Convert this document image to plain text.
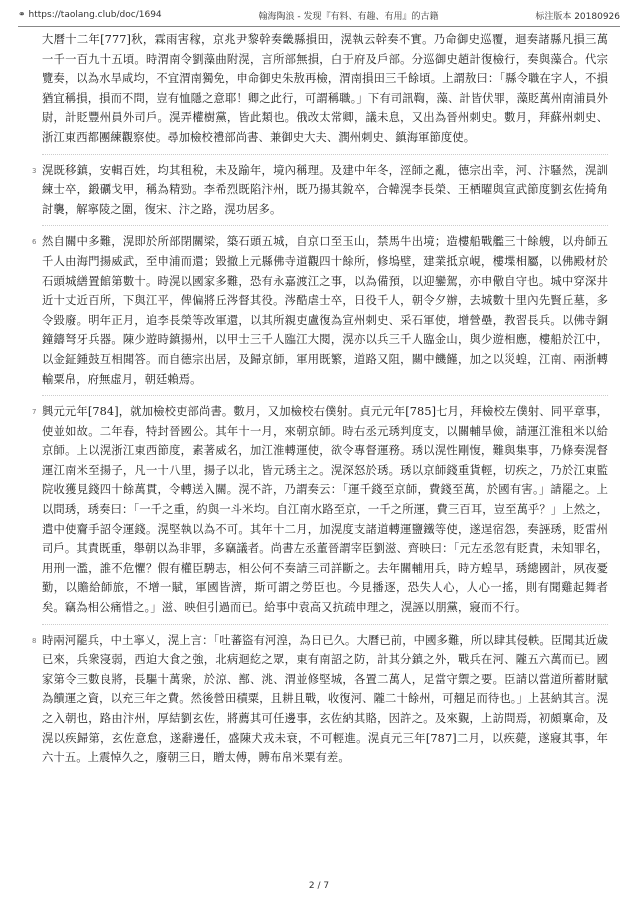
⚭ https://taolang.club/doc/1694	翰海陶浪 - 发现『有料、有趣、有用』的古籍	标注版本 20180926

大曆十二年[777]秋，霖雨害稼，京兆尹黎幹奏畿縣損田，滉執云幹奏不實。乃命御史巡覆，迴奏諸縣凡損三萬一千一百九十五頃。時渭南令劉藻曲附滉，言所部無損，白于府及戶部。分巡御史趙計復檢行，奏與藻合。代宗覽奏，以為水旱咸均，不宜渭南獨免，申命御史朱敖再檢，渭南損田三千餘頃。上謂敖曰：「縣令職在字人，不損猶宜稱損，損而不問，豈有恤隱之意耶！卿之此行，可謂稱職。」下有司訊鞫，藻、計皆伏罪，藻貶萬州南浦員外尉，計貶豐州員外司戶。滉弄權樹黨，皆此類也。俄改太常卿，議未息，又出為晉州刺史。數月，拜蘇州刺史、浙江東西都團練觀察使。尋加檢校禮部尚書、兼御史大夫、潤州刺史、鎮海軍節度使。

3 滉既移鎮，安輯百姓，均其租稅，未及踰年，境內稱理。及建中年冬，涇師之亂，德宗出幸，河、汴騷然，滉訓練士卒，鍛礪戈甲，稱為精勁。李希烈既陷汴州，既乃揚其銳卒，合韓滉李長榮、王栖曜與宣武節度劉玄佐掎角討襲，解寧陵之圍，復宋、汴之路，滉功居多。

6 然自關中多難，滉即於所部閉關梁，築石頭五城，自京口至玉山，禁馬牛出境；造樓船戰艦三十餘艘，以舟師五千人由海門揚威武，至申浦而還；毀撤上元縣佛寺道觀四十餘所，修塢壁，建業抵京峴，樓堞相屬，以佛殿材於石頭城繕置館第數十。時滉以國家多難，恐有永嘉渡江之事，以為備預，以迎鑾駕，亦申儆自守也。城中穿深井近十丈近百所，下與江平，俾偏將丘涔督其役。涔酷虐士卒，日役千人，朝令夕辦，去城數十里內先賢丘墓，多令毀廢。明年正月，追李長榮等改軍還，以其所親吏盧復為宣州刺史、采石軍使，增營壘，教習長兵。以佛寺銅鐘鑄弩牙兵器。陳少遊時鎮揚州，以甲士三千人臨江大閱，滉亦以兵三千人臨金山，與少遊相應，樓船於江中，以金鉦鍾鼓互相聞答。而自德宗出居，及歸京師，軍用既繁，道路又阻，關中饑饉，加之以災蝗，江南、兩浙轉輸粟帛，府無虛月，朝廷賴焉。

7 興元元年[784]，就加檢校吏部尚書。數月，又加檢校右僕射。貞元元年[785]七月，拜檢校左僕射、同平章事，使並如故。二年春，特封晉國公。其年十一月，來朝京師。時右丞元琇判度支，以關輔旱儉，請運江淮租米以給京師。上以滉浙江東西節度，素著威名，加江淮轉運使，欲令專督運務。琇以滉性剛愎，難與集事，乃條奏滉督運江南米至揚子，凡一十八里，揚子以北，皆元琇主之。滉深怒於琇。琇以京師錢重貨輕，切疾之，乃於江東監院收獲見錢四十餘萬貫，令轉送入關。滉不許，乃謂奏云：「運千錢至京師，費錢至萬，於國有害。」請罷之。上以問琇，琇奏曰：「一千之重，約與一斗米均。自江南水路至京，一千之所運，費三百耳，豈至萬乎？」上然之，遣中使齎手詔令運錢。滉堅執以為不可。其年十二月，加滉度支諸道轉運鹽鐵等使，遂逞宿怨，奏誣琇，貶雷州司戶。其責既重，舉朝以為非罪，多竊議者。尚書左丞董晉謂宰臣劉滋、齊映曰：「元左丞忽有貶責，未知罪名，用刑一濫，誰不危懼？假有權臣騁志，相公何不奏請三司詳斷之。去年關輔用兵，時方蝗旱，琇總國計，夙夜憂勤，以贍給師旅，不增一賦，軍國皆濟，斯可謂之勞臣也。今見播逐，恐失人心，人心一搖，則有聞雞起舞者矣。竊為相公痛惜之。」滋、映但引過而已。給事中袁高又抗疏申理之，滉誣以朋黨，寢而不行。

8 時兩河罷兵，中土寧乂，滉上言：「吐蕃盜有河湟，為日已久。大曆已前，中國多難，所以肆其侵軼。臣聞其近歲已來，兵衆寖弱，西迫大食之強，北病迴紇之眾，東有南詔之防，計其分鎮之外，戰兵在河、隴五六萬而已。國家第令三數良將，長驅十萬衆，於涼、鄯、洮、渭並修堅城，各置二萬人，足當守禦之要。臣請以當道所蓄財賦為饋運之資，以充三年之費。然後營田積粟，且耕且戰，收復河、隴二十餘州，可翹足而待也。」上甚納其言。滉之入朝也，路由汴州，厚結劉玄佐，將薦其可任邊事，玄佐納其賂，因許之。及來覲，上訪問焉，初頗稟命，及滉以疾歸第，玄佐意怠，遂辭邊任，盛陳犬戎未衰，不可輕進。滉貞元三年[787]二月，以疾薨，遂寢其事，年六十五。上震悼久之，廢朝三日，贈太傅，賻布帛米粟有差。

2 / 7
